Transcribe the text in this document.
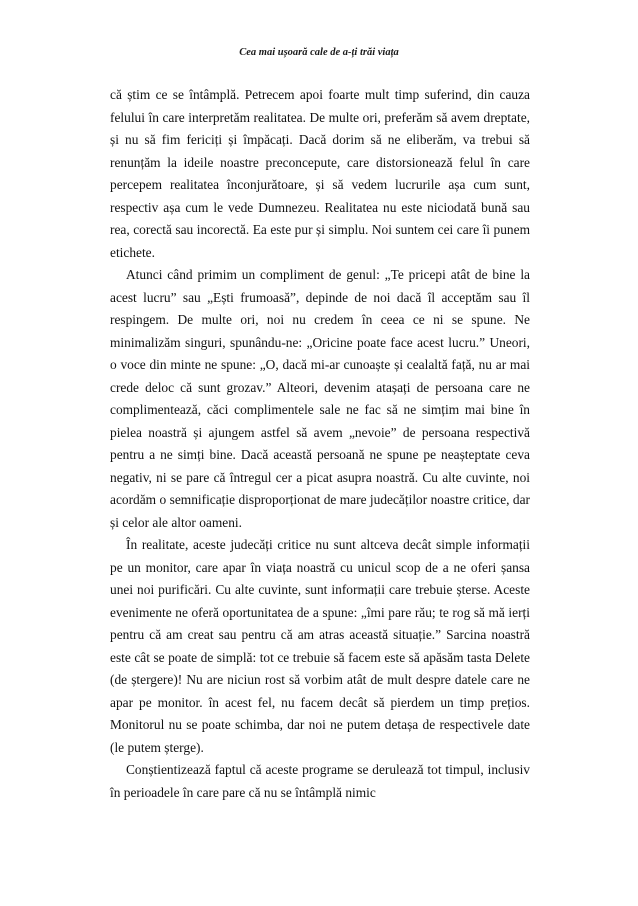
Cea mai ușoară cale de a-ți trăi viața

că știm ce se întâmplă. Petrecem apoi foarte mult timp suferind, din cauza felului în care interpretăm realitatea. De multe ori, preferăm să avem dreptate, și nu să fim fericiți și împăcați. Dacă dorim să ne eliberăm, va trebui să renunțăm la ideile noastre preconcepute, care distorsionează felul în care percepem realitatea înconjurătoare, și să vedem lucrurile așa cum sunt, respectiv așa cum le vede Dumnezeu. Realitatea nu este niciodată bună sau rea, corectă sau incorectă. Ea este pur și simplu. Noi suntem cei care îi punem etichete.

Atunci când primim un compliment de genul: „Te pricepi atât de bine la acest lucru” sau „Ești frumoasă”, depinde de noi dacă îl acceptăm sau îl respingem. De multe ori, noi nu credem în ceea ce ni se spune. Ne minimalizăm singuri, spunându-ne: „Oricine poate face acest lucru.” Uneori, o voce din minte ne spune: „O, dacă mi-ar cunoaște și cealaltă față, nu ar mai crede deloc că sunt grozav.” Alteori, devenim atașați de persoana care ne complimentează, căci complimentele sale ne fac să ne simțim mai bine în pielea noastră și ajungem astfel să avem „nevoie” de persoana respectivă pentru a ne simți bine. Dacă această persoană ne spune pe neașteptate ceva negativ, ni se pare că întregul cer a picat asupra noastră. Cu alte cuvinte, noi acordăm o semnificație disproporționat de mare judecăților noastre critice, dar și celor ale altor oameni.

În realitate, aceste judecăți critice nu sunt altceva decât simple informații pe un monitor, care apar în viața noastră cu unicul scop de a ne oferi șansa unei noi purificări. Cu alte cuvinte, sunt informații care trebuie șterse. Aceste evenimente ne oferă oportunitatea de a spune: „îmi pare rău; te rog să mă ierți pentru că am creat sau pentru că am atras această situație.” Sarcina noastră este cât se poate de simplă: tot ce trebuie să facem este să apăsăm tasta Delete (de ștergere)! Nu are niciun rost să vorbim atât de mult despre datele care ne apar pe monitor. în acest fel, nu facem decât să pierdem un timp prețios. Monitorul nu se poate schimba, dar noi ne putem detașa de respectivele date (le putem șterge).

Conștientizează faptul că aceste programe se derulează tot timpul, inclusiv în perioadele în care pare că nu se întâmplă nimic
